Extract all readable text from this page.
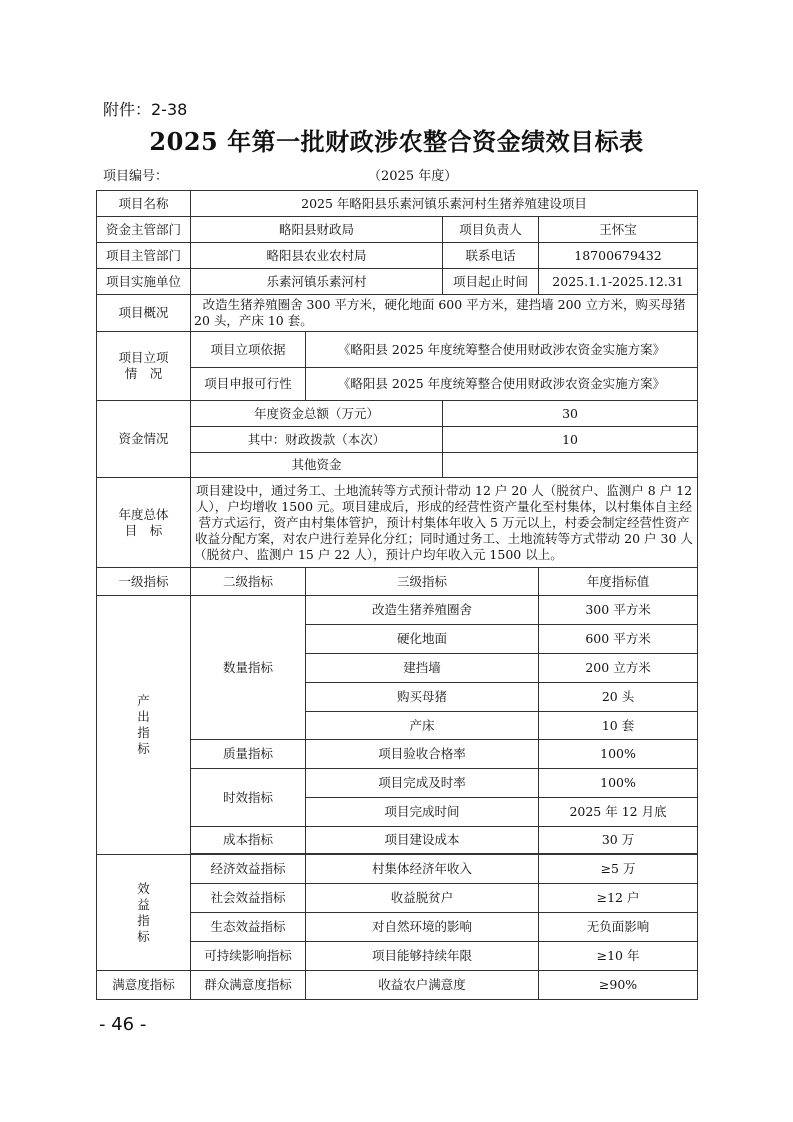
附件：2-38
2025 年第一批财政涉农整合资金绩效目标表
项目编号：	（2025 年度）
项目名称	2025 年略阳县乐素河镇乐素河村生猪养殖建设项目			
资金主管部门	略阳县财政局		项目负责人	王怀宝
项目主管部门	略阳县农业农村局		联系电话	18700679432
项目实施单位	乐素河镇乐素河村		项目起止时间	2025.1.1-2025.12.31
项目概况	改造生猪养殖圈舍 300 平方米，硬化地面 600 平方米，建挡墙 200 立方米，购买母猪 20 头，产床 10 套。			

项目立项
情　况	项目立项依据	《略阳县 2025 年度统筹整合使用财政涉农资金实施方案》		
	项目申报可行性	《略阳县 2025 年度统筹整合使用财政涉农资金实施方案》		
资金情况	年度资金总额（万元）		30	
	其中：财政拨款（本次）		10	
	其他资金			

年度总体
目　标	项目建设中，通过务工、土地流转等方式预计带动 12 户 20 人（脱贫户、监测户 8 户 12 人），户均增收 1500 元。项目建成后，形成的经营性资产量化至村集体，以村集体自主经营方式运行，资产由村集体管护，预计村集体年收入 5 万元以上，村委会制定经营性资产收益分配方案，对农户进行差异化分红；同时通过务工、土地流转等方式带动 20 户 30 人（脱贫户、监测户 15 户 22 人），预计户均年收入元 1500 以上。			
一级指标	二级指标	三级指标		年度指标值

产
出
指
标	数量指标	改造生猪养殖圈舍		300 平方米
		硬化地面		600 平方米
		建挡墙		200 立方米
		购买母猪		20 头
		产床		10 套
	质量指标	项目验收合格率		100%
	时效指标	项目完成及时率		100%
		项目完成时间		2025 年 12 月底
	成本指标	项目建设成本		30 万

效
益
指
标	经济效益指标	村集体经济年收入		≥5 万
	社会效益指标	收益脱贫户		≥12 户
	生态效益指标	对自然环境的影响		无负面影响
	可持续影响指标	项目能够持续年限		≥10 年
满意度指标	群众满意度指标	收益农户满意度		≥90%
- 46 -
